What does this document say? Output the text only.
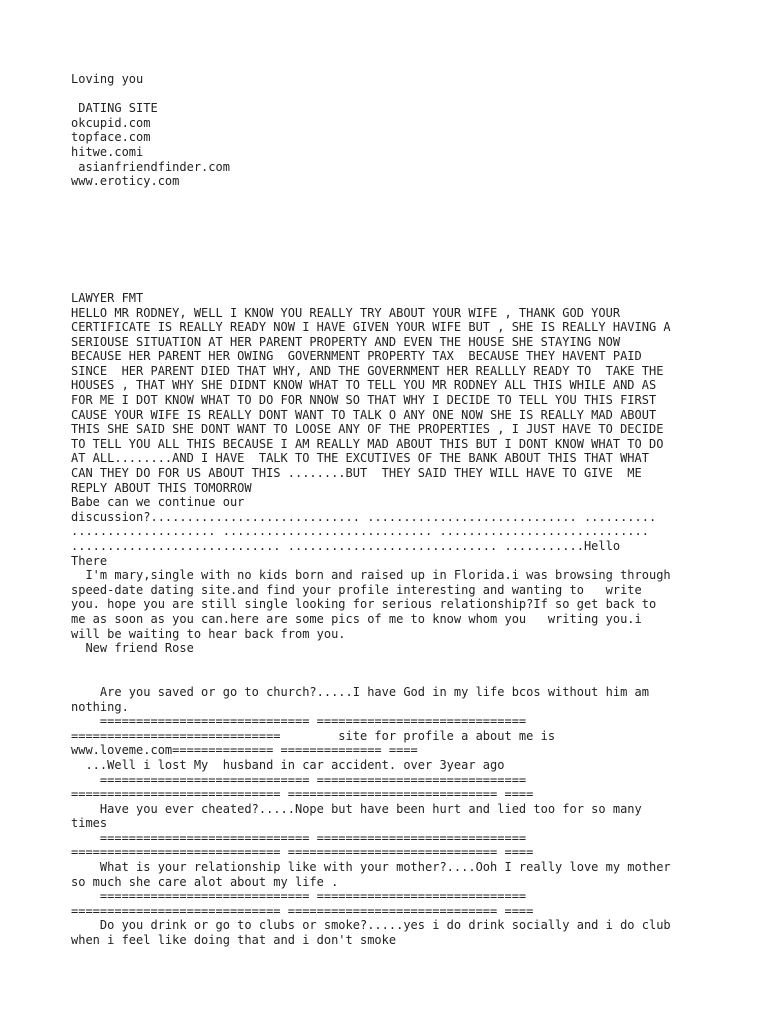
Loving you
DATING SITE
okcupid.com
topface.com
hitwe.comi
asianfriendfinder.com
www.eroticy.com
LAWYER FMT
HELLO MR RODNEY, WELL I KNOW YOU REALLY TRY ABOUT YOUR WIFE , THANK GOD YOUR
CERTIFICATE IS REALLY READY NOW I HAVE GIVEN YOUR WIFE BUT , SHE IS REALLY HAVING A
SERIOUSE SITUATION AT HER PARENT PROPERTY AND EVEN THE HOUSE SHE STAYING NOW
BECAUSE HER PARENT HER OWING  GOVERNMENT PROPERTY TAX  BECAUSE THEY HAVENT PAID
SINCE  HER PARENT DIED THAT WHY, AND THE GOVERNMENT HER REALLLY READY TO  TAKE THE
HOUSES , THAT WHY SHE DIDNT KNOW WHAT TO TELL YOU MR RODNEY ALL THIS WHILE AND AS
FOR ME I DOT KNOW WHAT TO DO FOR NNOW SO THAT WHY I DECIDE TO TELL YOU THIS FIRST
CAUSE YOUR WIFE IS REALLY DONT WANT TO TALK O ANY ONE NOW SHE IS REALLY MAD ABOUT
THIS SHE SAID SHE DONT WANT TO LOOSE ANY OF THE PROPERTIES , I JUST HAVE TO DECIDE
TO TELL YOU ALL THIS BECAUSE I AM REALLY MAD ABOUT THIS BUT I DONT KNOW WHAT TO DO
AT ALL........AND I HAVE  TALK TO THE EXCUTIVES OF THE BANK ABOUT THIS THAT WHAT
CAN THEY DO FOR US ABOUT THIS ........BUT  THEY SAID THEY WILL HAVE TO GIVE  ME
REPLY ABOUT THIS TOMORROW
Babe can we continue our
discussion?............................. ............................. ..........
.................... ............................. .............................
............................. ............................. ...........Hello
There
I'm mary,single with no kids born and raised up in Florida.i was browsing through
speed-date dating site.and find your profile interesting and wanting to   write
you. hope you are still single looking for serious relationship?If so get back to
me as soon as you can.here are some pics of me to know whom you   writing you.i
will be waiting to hear back from you.
New friend Rose
Are you saved or go to church?.....I have God in my life bcos without him am
nothing.
============================= =============================
=============================        site for profile a about me is
www.loveme.com============== ============== ====
...Well i lost My  husband in car accident. over 3year ago
============================= =============================
============================= ============================= ====
Have you ever cheated?.....Nope but have been hurt and lied too for so many
times
============================= =============================
============================= ============================= ====
What is your relationship like with your mother?....Ooh I really love my mother
so much she care alot about my life .
============================= =============================
============================= ============================= ====
Do you drink or go to clubs or smoke?.....yes i do drink socially and i do club
when i feel like doing that and i don't smoke
